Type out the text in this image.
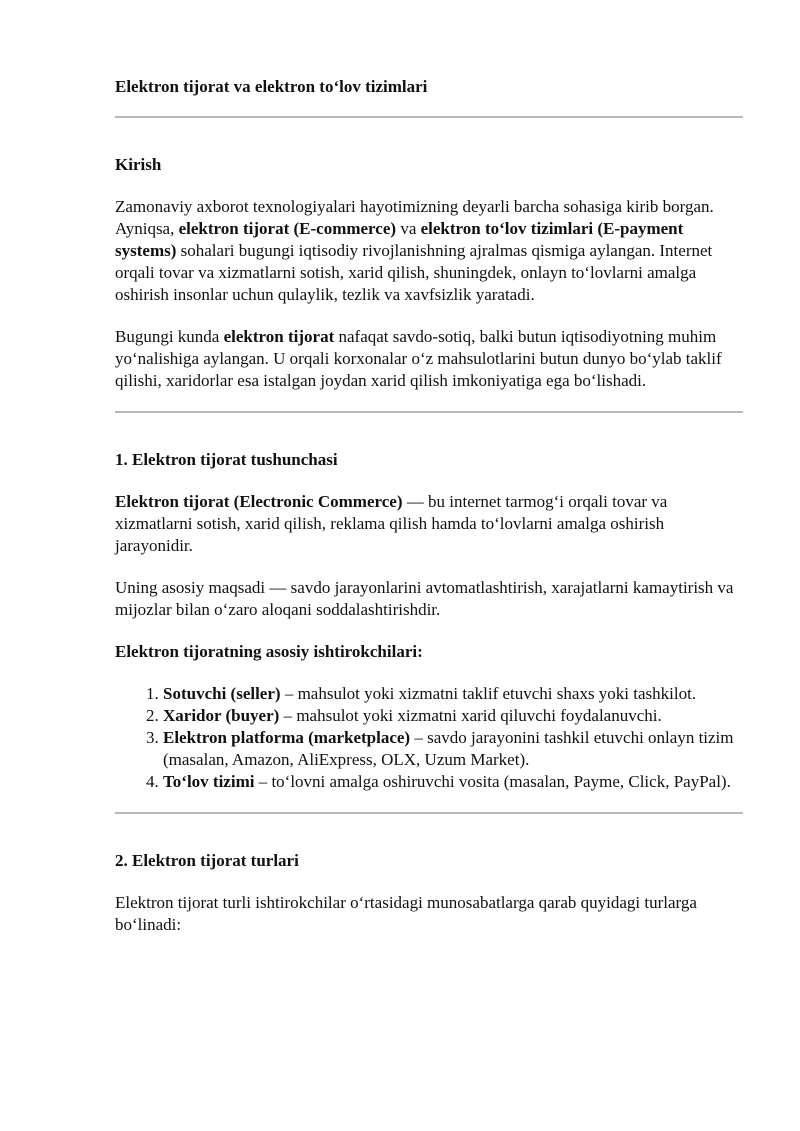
Elektron tijorat va elektron to‘lov tizimlari

Kirish

Zamonaviy axborot texnologiyalari hayotimizning deyarli barcha sohasiga kirib borgan. Ayniqsa, elektron tijorat (E-commerce) va elektron to‘lov tizimlari (E-payment systems) sohalari bugungi iqtisodiy rivojlanishning ajralmas qismiga aylangan. Internet orqali tovar va xizmatlarni sotish, xarid qilish, shuningdek, onlayn to‘lovlarni amalga oshirish insonlar uchun qulaylik, tezlik va xavfsizlik yaratadi.

Bugungi kunda elektron tijorat nafaqat savdo-sotiq, balki butun iqtisodiyotning muhim yo‘nalishiga aylangan. U orqali korxonalar o‘z mahsulotlarini butun dunyo bo‘ylab taklif qilishi, xaridorlar esa istalgan joydan xarid qilish imkoniyatiga ega bo‘lishadi.

1. Elektron tijorat tushunchasi

Elektron tijorat (Electronic Commerce) — bu internet tarmog‘i orqali tovar va xizmatlarni sotish, xarid qilish, reklama qilish hamda to‘lovlarni amalga oshirish jarayonidir.

Uning asosiy maqsadi — savdo jarayonlarini avtomatlashtirish, xarajatlarni kamaytirish va mijozlar bilan o‘zaro aloqani soddalashtirishdir.

Elektron tijoratning asosiy ishtirokchilari:

1. Sotuvchi (seller) – mahsulot yoki xizmatni taklif etuvchi shaxs yoki tashkilot.
2. Xaridor (buyer) – mahsulot yoki xizmatni xarid qiluvchi foydalanuvchi.
3. Elektron platforma (marketplace) – savdo jarayonini tashkil etuvchi onlayn tizim (masalan, Amazon, AliExpress, OLX, Uzum Market).
4. To‘lov tizimi – to‘lovni amalga oshiruvchi vosita (masalan, Payme, Click, PayPal).
2. Elektron tijorat turlari

Elektron tijorat turli ishtirokchilar o‘rtasidagi munosabatlarga qarab quyidagi turlarga bo‘linadi:
